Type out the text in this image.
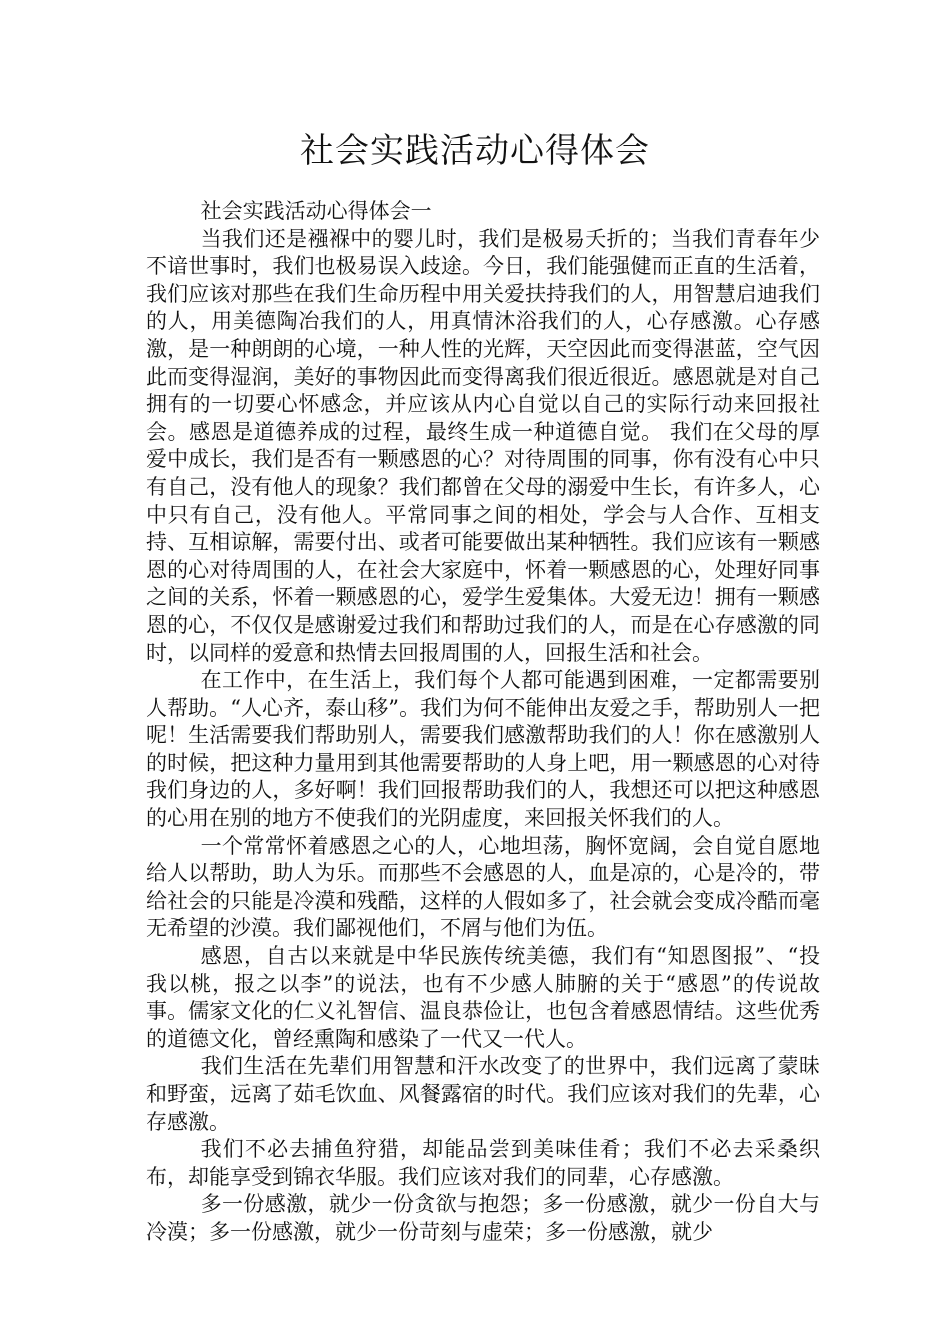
社会实践活动心得体会

社会实践活动心得体会一

当我们还是襁褓中的婴儿时，我们是极易夭折的；当我们青春年少不谙世事时，我们也极易误入歧途。今日，我们能强健而正直的生活着，我们应该对那些在我们生命历程中用关爱扶持我们的人，用智慧启迪我们的人，用美德陶冶我们的人，用真情沐浴我们的人，心存感激。心存感激，是一种朗朗的心境，一种人性的光辉，天空因此而变得湛蓝，空气因此而变得湿润，美好的事物因此而变得离我们很近很近。感恩就是对自己拥有的一切要心怀感念，并应该从内心自觉以自己的实际行动来回报社会。感恩是道德养成的过程，最终生成一种道德自觉。 我们在父母的厚爱中成长，我们是否有一颗感恩的心？对待周围的同事，你有没有心中只有自己，没有他人的现象？我们都曾在父母的溺爱中生长，有许多人，心中只有自己，没有他人。平常同事之间的相处，学会与人合作、互相支持、互相谅解，需要付出、或者可能要做出某种牺牲。我们应该有一颗感恩的心对待周围的人，在社会大家庭中，怀着一颗感恩的心，处理好同事之间的关系，怀着一颗感恩的心，爱学生爱集体。大爱无边！拥有一颗感恩的心，不仅仅是感谢爱过我们和帮助过我们的人，而是在心存感激的同时，以同样的爱意和热情去回报周围的人，回报生活和社会。

在工作中，在生活上，我们每个人都可能遇到困难，一定都需要别人帮助。“人心齐，泰山移”。我们为何不能伸出友爱之手，帮助别人一把呢！生活需要我们帮助别人，需要我们感激帮助我们的人！你在感激别人的时候，把这种力量用到其他需要帮助的人身上吧，用一颗感恩的心对待我们身边的人，多好啊！我们回报帮助我们的人，我想还可以把这种感恩的心用在别的地方不使我们的光阴虚度，来回报关怀我们的人。

一个常常怀着感恩之心的人，心地坦荡，胸怀宽阔，会自觉自愿地给人以帮助，助人为乐。而那些不会感恩的人，血是凉的，心是冷的，带给社会的只能是冷漠和残酷，这样的人假如多了，社会就会变成冷酷而毫无希望的沙漠。我们鄙视他们，不屑与他们为伍。

感恩，自古以来就是中华民族传统美德，我们有“知恩图报”、“投我以桃，报之以李”的说法，也有不少感人肺腑的关于“感恩”的传说故事。儒家文化的仁义礼智信、温良恭俭让，也包含着感恩情结。这些优秀的道德文化，曾经熏陶和感染了一代又一代人。

我们生活在先辈们用智慧和汗水改变了的世界中，我们远离了蒙昧和野蛮，远离了茹毛饮血、风餐露宿的时代。我们应该对我们的先辈，心存感激。

我们不必去捕鱼狩猎，却能品尝到美味佳肴；我们不必去采桑织布，却能享受到锦衣华服。我们应该对我们的同辈，心存感激。

多一份感激，就少一份贪欲与抱怨；多一份感激，就少一份自大与冷漠；多一份感激，就少一份苛刻与虚荣；多一份感激，就少
